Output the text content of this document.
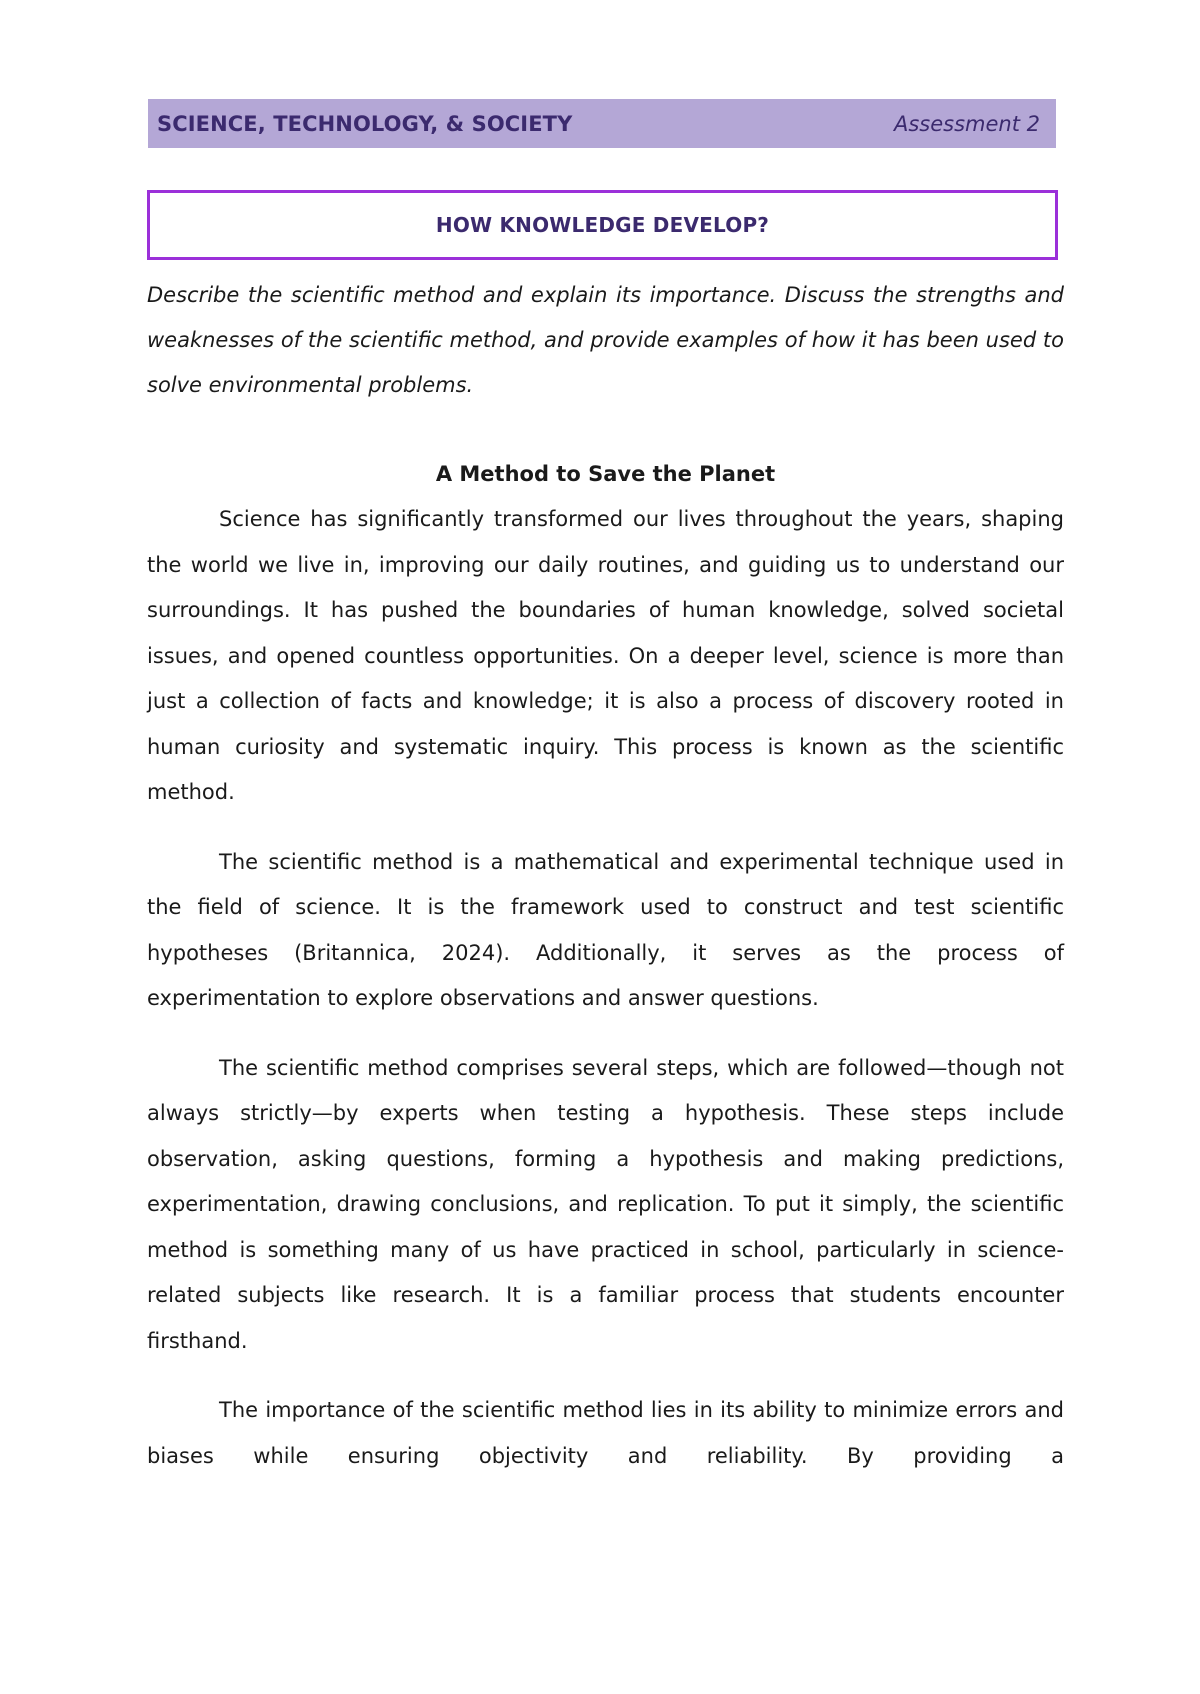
SCIENCE, TECHNOLOGY, & SOCIETY	Assessment 2
HOW KNOWLEDGE DEVELOP?

Describe the scientific method and explain its importance. Discuss the strengths and weaknesses of the scientific method, and provide examples of how it has been used to solve environmental problems.

A Method to Save the Planet

Science has significantly transformed our lives throughout the years, shaping the world we live in, improving our daily routines, and guiding us to understand our surroundings. It has pushed the boundaries of human knowledge, solved societal issues, and opened countless opportunities. On a deeper level, science is more than just a collection of facts and knowledge; it is also a process of discovery rooted in human curiosity and systematic inquiry. This process is known as the scientific method.

The scientific method is a mathematical and experimental technique used in the field of science. It is the framework used to construct and test scientific hypotheses (Britannica, 2024). Additionally, it serves as the process of experimentation to explore observations and answer questions.

The scientific method comprises several steps, which are followed—though not always strictly—by experts when testing a hypothesis. These steps include observation, asking questions, forming a hypothesis and making predictions, experimentation, drawing conclusions, and replication. To put it simply, the scientific method is something many of us have practiced in school, particularly in science-related subjects like research. It is a familiar process that students encounter firsthand.

The importance of the scientific method lies in its ability to minimize errors and biases while ensuring objectivity and reliability. By providing a
